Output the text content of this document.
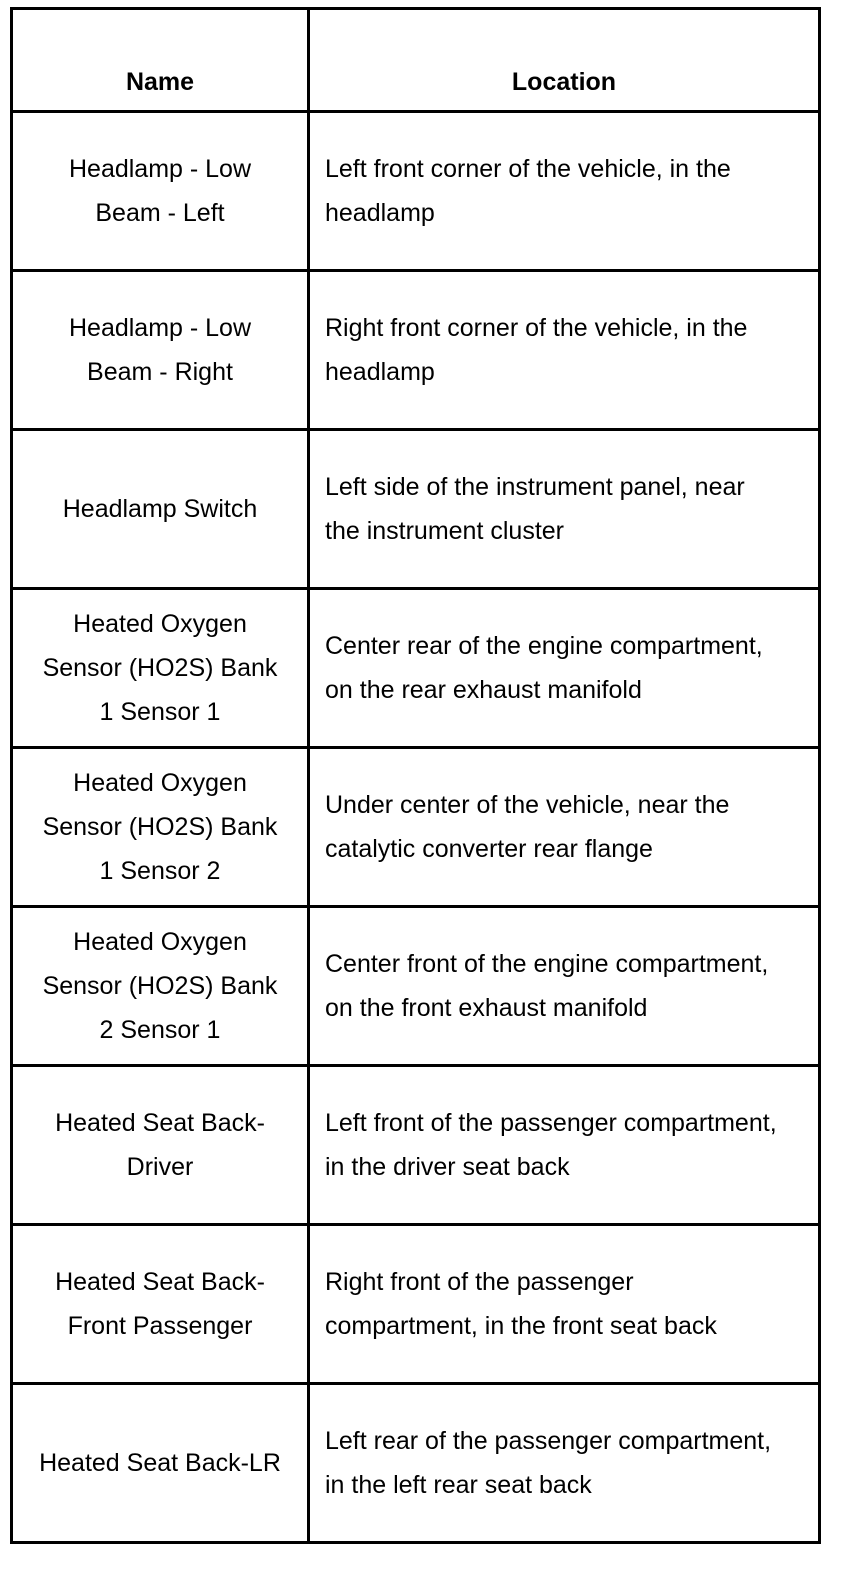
Name	Location
Headlamp - Low Beam - Left	Left front corner of the vehicle, in the headlamp
Headlamp - Low Beam - Right	Right front corner of the vehicle, in the headlamp
Headlamp Switch	Left side of the instrument panel, near the instrument cluster
Heated Oxygen Sensor (HO2S) Bank 1 Sensor 1	Center rear of the engine compartment, on the rear exhaust manifold
Heated Oxygen Sensor (HO2S) Bank 1 Sensor 2	Under center of the vehicle, near the catalytic converter rear flange
Heated Oxygen Sensor (HO2S) Bank 2 Sensor 1	Center front of the engine compartment, on the front exhaust manifold
Heated Seat Back-Driver	Left front of the passenger compartment, in the driver seat back
Heated Seat Back-Front Passenger	Right front of the passenger compartment, in the front seat back
Heated Seat Back-LR	Left rear of the passenger compartment, in the left rear seat back
